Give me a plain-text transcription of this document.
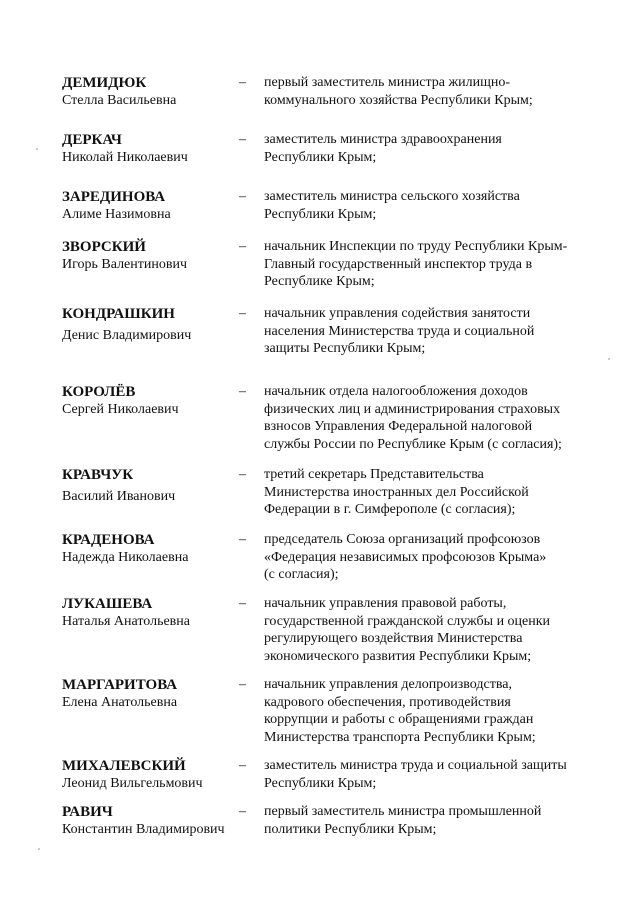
ДЕМИДЮК
Стелла Васильевна
– первый заместитель министра жилищно-
коммунального хозяйства Республики Крым;
ДЕРКАЧ
Николай Николаевич
– заместитель министра здравоохранения
Республики Крым;
ЗАРЕДИНОВА
Алиме Назимовна
– заместитель министра сельского хозяйства
Республики Крым;
ЗВОРСКИЙ
Игорь Валентинович
– начальник Инспекции по труду Республики Крым-
Главный государственный инспектор труда в
Республике Крым;
КОНДРАШКИН
Денис Владимирович
– начальник управления содействия занятости
населения Министерства труда и социальной
защиты Республики Крым;
КОРОЛЁВ
Сергей Николаевич
– начальник отдела налогообложения доходов
физических лиц и администрирования страховых
взносов Управления Федеральной налоговой
службы России по Республике Крым (с согласия);
КРАВЧУК
Василий Иванович
– третий секретарь Представительства
Министерства иностранных дел Российской
Федерации в г. Симферополе (с согласия);
КРАДЕНОВА
Надежда Николаевна
– председатель Союза организаций профсоюзов
«Федерация независимых профсоюзов Крыма»
(с согласия);
ЛУКАШЕВА
Наталья Анатольевна
– начальник управления правовой работы,
государственной гражданской службы и оценки
регулирующего воздействия Министерства
экономического развития Республики Крым;
МАРГАРИТОВА
Елена Анатольевна
– начальник управления делопроизводства,
кадрового обеспечения, противодействия
коррупции и работы с обращениями граждан
Министерства транспорта Республики Крым;
МИХАЛЕВСКИЙ
Леонид Вильгельмович
– заместитель министра труда и социальной защиты
Республики Крым;
РАВИЧ
Константин Владимирович
– первый заместитель министра промышленной
политики Республики Крым;
